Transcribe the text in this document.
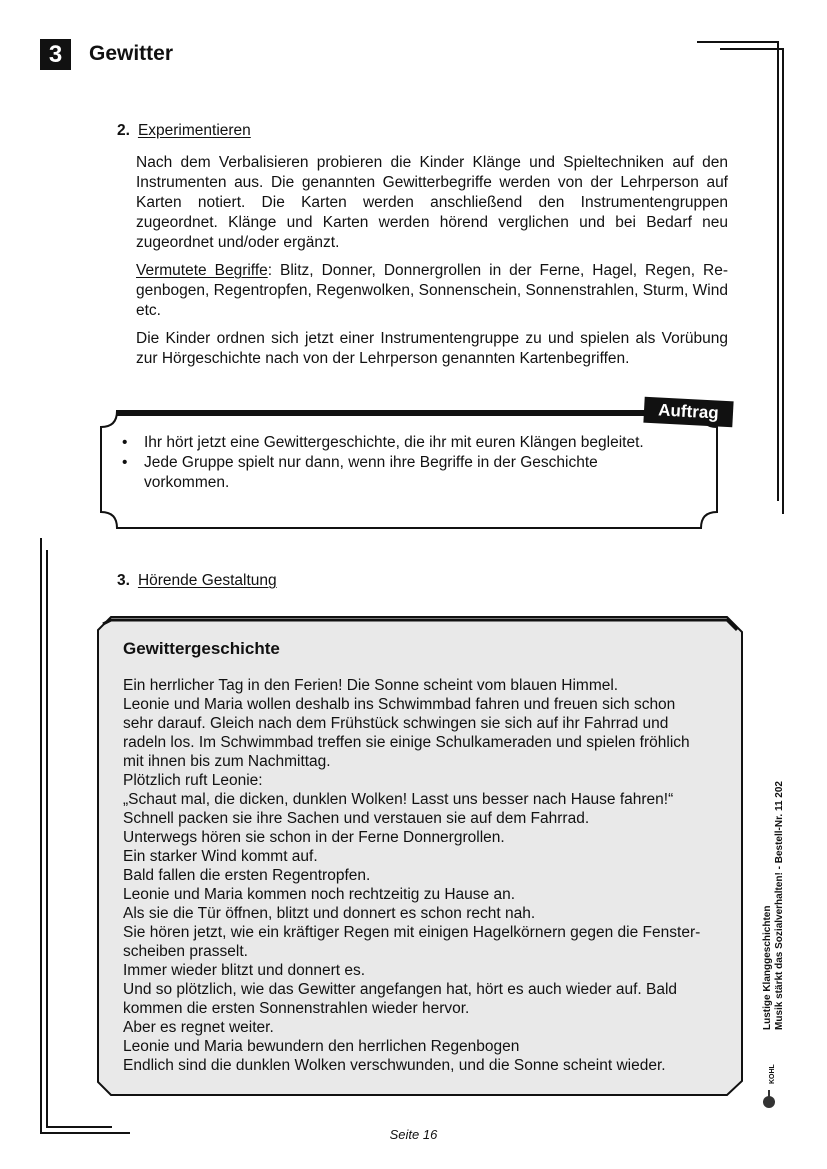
3	Gewitter
2. Experimentieren

Nach dem Verbalisieren probieren die Kinder Klänge und Spieltechniken auf den Instrumenten aus. Die genannten Gewitterbegriffe werden von der Lehrperson auf Karten notiert. Die Karten werden anschließend den Instrumentengruppen zugeordnet. Klänge und Karten werden hörend verglichen und bei Bedarf neu zugeordnet und/oder ergänzt.

Vermutete Begriffe: Blitz, Donner, Donnergrollen in der Ferne, Hagel, Regen, Regenbogen, Regentropfen, Regenwolken, Sonnenschein, Sonnenstrahlen, Sturm, Wind etc.

Die Kinder ordnen sich jetzt einer Instrumentengruppe zu und spielen als Vorübung zur Hörgeschichte nach von der Lehrperson genannten Kartenbegriffen.

Auftrag
• Ihr hört jetzt eine Gewittergeschichte, die ihr mit euren Klängen begleitet.
• Jede Gruppe spielt nur dann, wenn ihre Begriffe in der Geschichte vorkommen.
3. Hörende Gestaltung
Gewittergeschichte
Ein herrlicher Tag in den Ferien! Die Sonne scheint vom blauen Himmel.
Leonie und Maria wollen deshalb ins Schwimmbad fahren und freuen sich schon
sehr darauf. Gleich nach dem Frühstück schwingen sie sich auf ihr Fahrrad und
radeln los. Im Schwimmbad treffen sie einige Schulkameraden und spielen fröhlich
mit ihnen bis zum Nachmittag.
Plötzlich ruft Leonie:
„Schaut mal, die dicken, dunklen Wolken! Lasst uns besser nach Hause fahren!“
Schnell packen sie ihre Sachen und verstauen sie auf dem Fahrrad.
Unterwegs hören sie schon in der Ferne Donnergrollen.
Ein starker Wind kommt auf.
Bald fallen die ersten Regentropfen.
Leonie und Maria kommen noch rechtzeitig zu Hause an.
Als sie die Tür öffnen, blitzt und donnert es schon recht nah.
Sie hören jetzt, wie ein kräftiger Regen mit einigen Hagelkörnern gegen die Fenster-
scheiben prasselt.
Immer wieder blitzt und donnert es.
Und so plötzlich, wie das Gewitter angefangen hat, hört es auch wieder auf. Bald
kommen die ersten Sonnenstrahlen wieder hervor.
Aber es regnet weiter.
Leonie und Maria bewundern den herrlichen Regenbogen
Endlich sind die dunklen Wolken verschwunden, und die Sonne scheint wieder.
Lustige Klanggeschichten Musik stärkt das Sozialverhalten! - Bestell-Nr. 11 202
KOHL
Seite 16
